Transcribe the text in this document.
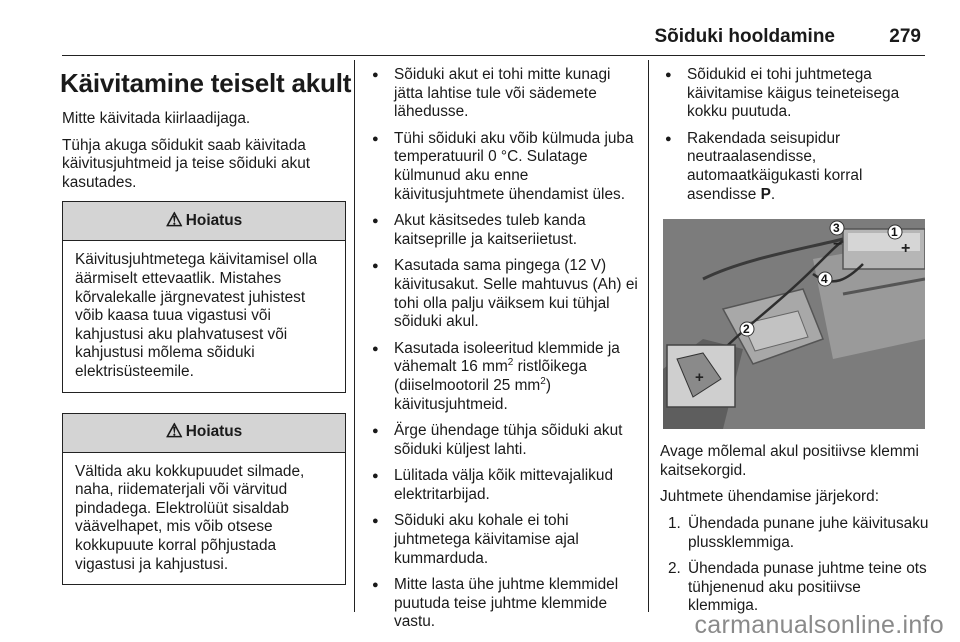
Sõiduki hooldamine	279
Käivitamine teiselt akult
Mitte käivitada kiirlaadijaga.
Tühja akuga sõidukit saab käivitada käivitusjuhtmeid ja teise sõiduki akut kasutades.
⚠ Hoiatus
Käivitusjuhtmetega käivitamisel olla äärmiselt ettevaatlik. Mistahes kõrvalekalle järgnevatest juhistest võib kaasa tuua vigastusi või kahjustusi aku plahvatusest või kahjustusi mõlema sõiduki elektrisüsteemile.
⚠ Hoiatus
Vältida aku kokkupuudet silmade, naha, riidematerjali või värvitud pindadega. Elektrolüüt sisaldab väävelhapet, mis võib otsese kokkupuute korral põhjustada vigastusi ja kahjustusi.
● Sõiduki akut ei tohi mitte kunagi jätta lahtise tule või sädemete lähedusse.
● Tühi sõiduki aku võib külmuda juba temperatuuril 0 °C. Sulatage külmunud aku enne käivitusjuhtmete ühendamist üles.
● Akut käsitsedes tuleb kanda kaitseprille ja kaitseriietust.
● Kasutada sama pingega (12 V) käivitusakut. Selle mahtuvus (Ah) ei tohi olla palju väiksem kui tühjal sõiduki akul.
● Kasutada isoleeritud klemmide ja vähemalt 16 $mm^2$ ristlõikega (diiselmootoril 25 $mm^2$) käivitusjuhtmeid.
● Ärge ühendage tühja sõiduki akut sõiduki küljest lahti.
● Lülitada välja kõik mittevajalikud elektritarbijad.
● Sõiduki aku kohale ei tohi juhtmetega käivitamise ajal kummarduda.
● Mitte lasta ühe juhtme klemmidel puutuda teise juhtme klemmide vastu.
● Sõidukid ei tohi juhtmetega käivitamise käigus teineteisega kokku puutuda.
● Rakendada seisupidur neutraalasendisse, automaatkäigukasti korral asendisse P.
+
1
2
3
4
+
−
Avage mõlemal akul positiivse klemmi kaitsekorgid.
Juhtmete ühendamise järjekord:
1. Ühendada punane juhe käivitusaku plussklemmiga.
2. Ühendada punase juhtme teine ots tühjenenud aku positiivse klemmiga.
carmanualsonline.info
